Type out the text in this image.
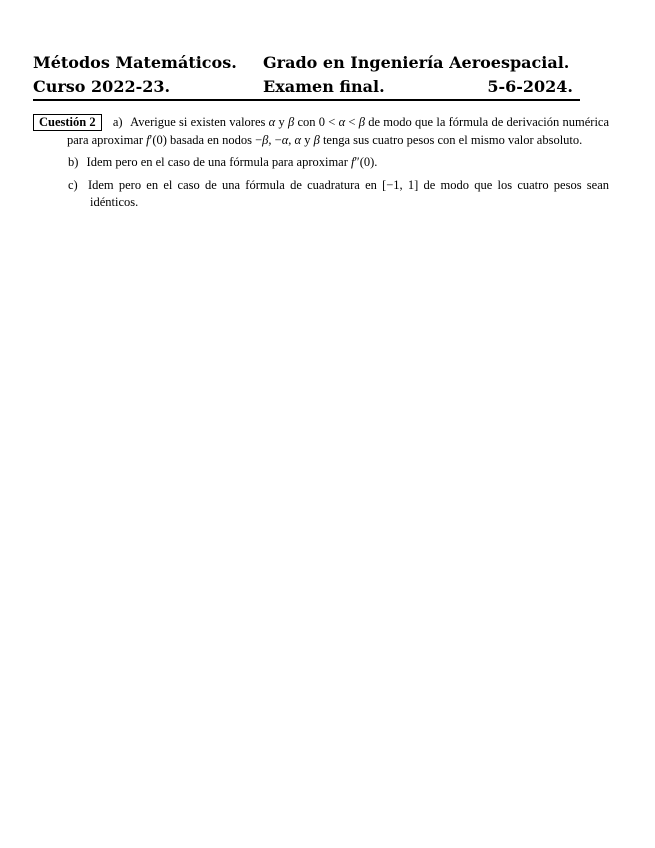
Métodos Matemáticos.	Grado en Ingeniería Aeroespacial.
Curso 2022-23.	Examen final.	5-6-2024.

Cuestión 2 a) Averigue si existen valores α y β con 0 < α < β de modo que la fórmula de derivación numérica para aproximar f′(0) basada en nodos −β, −α, α y β tenga sus cuatro pesos con el mismo valor absoluto.

b) Idem pero en el caso de una fórmula para aproximar f″(0).

c) Idem pero en el caso de una fórmula de cuadratura en [−1, 1] de modo que los cuatro pesos sean idénticos.
